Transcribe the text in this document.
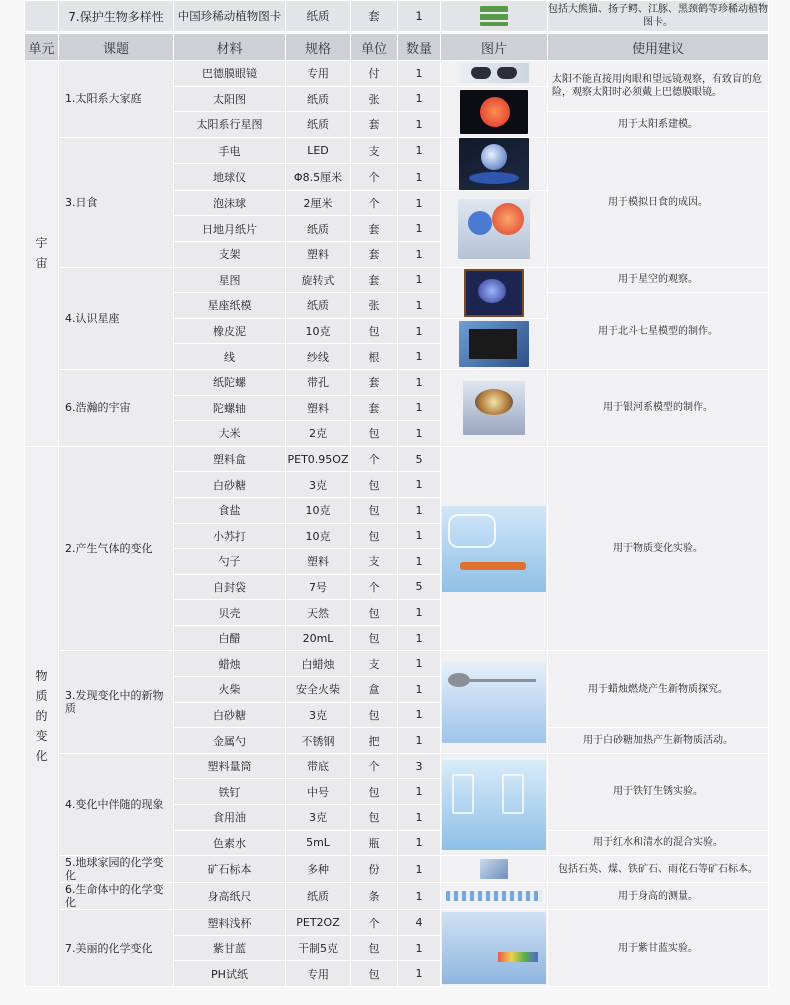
	7.保护生物多样性	中国珍稀动植物图卡	纸质	套	1		包括大熊猫、扬子鳄、江豚、黑颈鹤等珍稀动植物图卡。
单元	课题	材料	规格	单位	数量	图片	使用建议
宇宙	1.太阳系大家庭	巴德膜眼镜	专用	付	1		太阳不能直接用肉眼和望远镜观察，有致盲的危险，观察太阳时必须戴上巴德膜眼镜。
		太阳图	纸质	张	1		

		太阳系行星图	纸质	套	1		用于太阳系建模。
	3.日食	手电	LED	支	1		用于模拟日食的成因。
		地球仪	Φ8.5厘米	个	1		
		泡沫球	2厘米	个	1		

		日地月纸片	纸质	套	1		
		支架	塑料	套	1		
	4.认识星座	星图	旋转式	套	1		用于星空的观察。
		星座纸模	纸质	张	1		用于北斗七星模型的制作。
		橡皮泥	10克	包	1		

		线	纱线	根	1		
	6.浩瀚的宇宙	纸陀螺	带孔	套	1		用于银河系模型的制作。
		陀螺轴	塑料	套	1		
		大米	2克	包	1		
物质的变化	2.产生气体的变化	塑料盒	PET0.95OZ	个	5		用于物质变化实验。
		白砂糖	3克	包	1		
		食盐	10克	包	1		
		小苏打	10克	包	1		
		勺子	塑料	支	1		
		自封袋	7号	个	5		
		贝壳	天然	包	1		
		白醋	20mL	包	1		
	3.发现变化中的新物质	蜡烛	白蜡烛	支	1		用于蜡烛燃烧产生新物质探究。
		火柴	安全火柴	盒	1		
		白砂糖	3克	包	1		
		金属勺	不锈钢	把	1		用于白砂糖加热产生新物质活动。
	4.变化中伴随的现象	塑料量筒	带底	个	3		用于铁钉生锈实验。
		铁钉	中号	包	1		
		食用油	3克	包	1		
		色素水	5mL	瓶	1		用于红水和清水的混合实验。
	5.地球家园的化学变化	矿石标本	多种	份	1		包括石英、煤、铁矿石、雨花石等矿石标本。
	6.生命体中的化学变化	身高纸尺	纸质	条	1		用于身高的测量。
	7.美丽的化学变化	塑料浅杯	PET2OZ	个	4		用于紫甘蓝实验。
		紫甘蓝	干制5克	包	1		
		PH试纸	专用	包	1		
